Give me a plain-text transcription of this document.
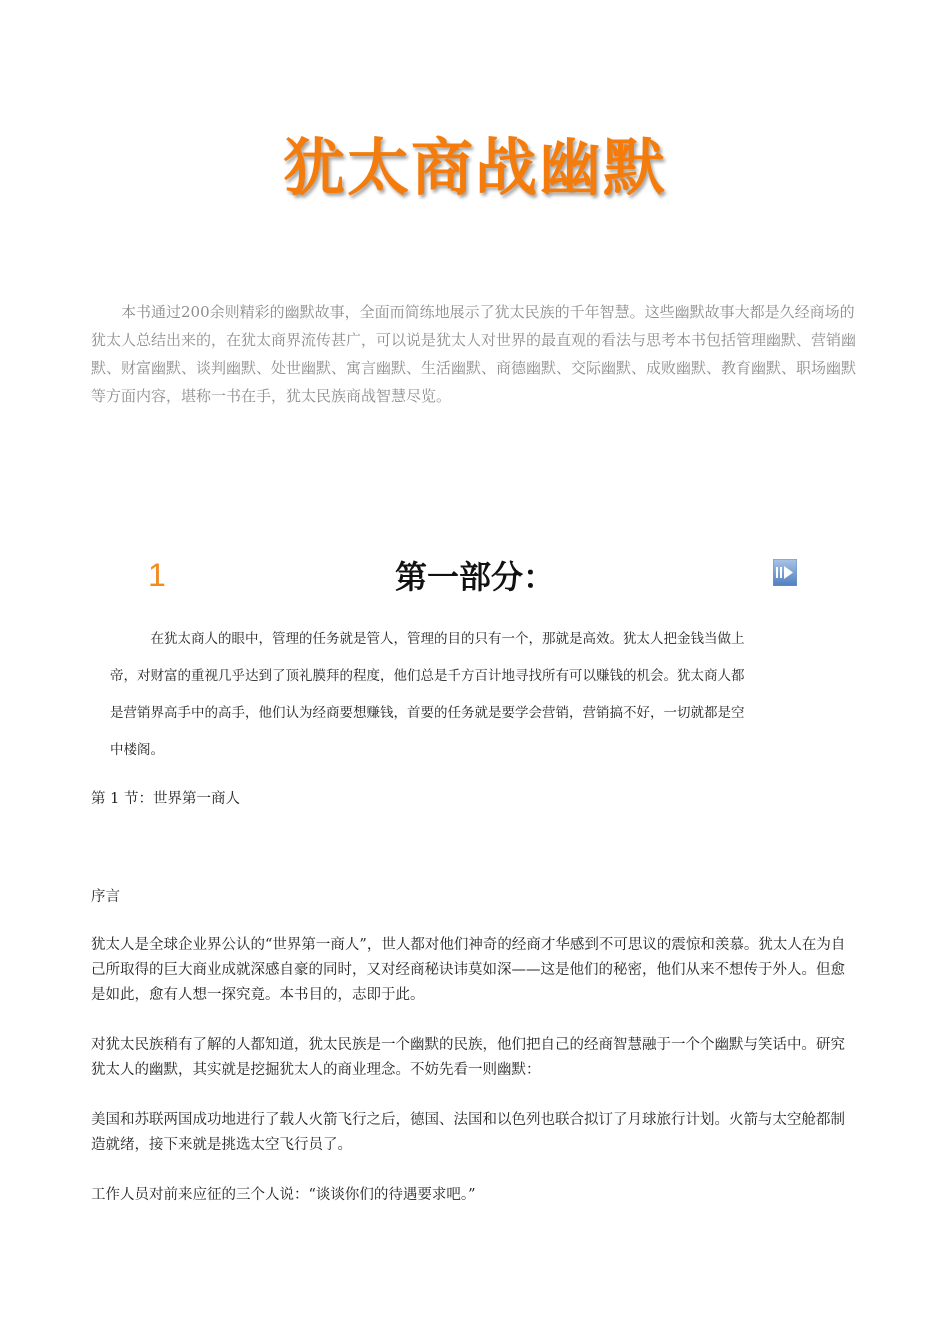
犹太商战幽默

本书通过200余则精彩的幽默故事，全面而简练地展示了犹太民族的千年智慧。这些幽默故事大都是久经商场的犹太人总结出来的，在犹太商界流传甚广，可以说是犹太人对世界的最直观的看法与思考本书包括管理幽默、营销幽默、财富幽默、谈判幽默、处世幽默、寓言幽默、生活幽默、商德幽默、交际幽默、成败幽默、教育幽默、职场幽默等方面内容，堪称一书在手，犹太民族商战智慧尽览。

1	第一部分：

在犹太商人的眼中，管理的任务就是管人，管理的目的只有一个，那就是高效。犹太人把金钱当做上帝，对财富的重视几乎达到了顶礼膜拜的程度，他们总是千方百计地寻找所有可以赚钱的机会。犹太商人都是营销界高手中的高手，他们认为经商要想赚钱，首要的任务就是要学会营销，营销搞不好，一切就都是空中楼阁。

第 1 节：世界第一商人
序言

犹太人是全球企业界公认的“世界第一商人”，世人都对他们神奇的经商才华感到不可思议的震惊和羡慕。犹太人在为自己所取得的巨大商业成就深感自豪的同时，又对经商秘诀讳莫如深——这是他们的秘密，他们从来不想传于外人。但愈是如此，愈有人想一探究竟。本书目的，志即于此。

对犹太民族稍有了解的人都知道，犹太民族是一个幽默的民族，他们把自己的经商智慧融于一个个幽默与笑话中。研究犹太人的幽默，其实就是挖掘犹太人的商业理念。不妨先看一则幽默：

美国和苏联两国成功地进行了载人火箭飞行之后，德国、法国和以色列也联合拟订了月球旅行计划。火箭与太空舱都制造就绪，接下来就是挑选太空飞行员了。

工作人员对前来应征的三个人说：“谈谈你们的待遇要求吧。”
